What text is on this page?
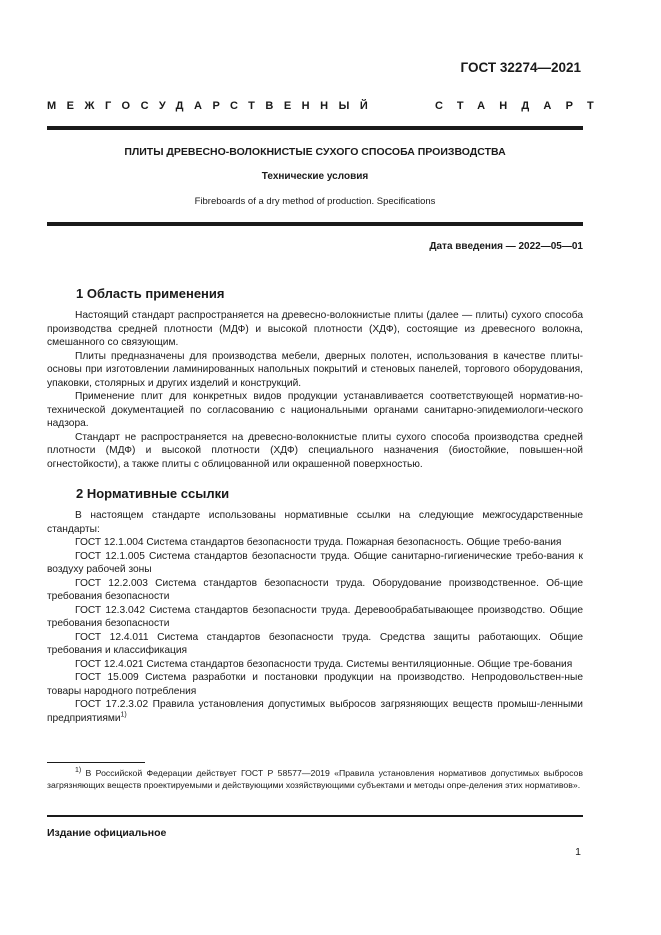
ГОСТ 32274—2021
МЕЖГОСУДАРСТВЕННЫЙ	СТАНДАРТ
ПЛИТЫ ДРЕВЕСНО-ВОЛОКНИСТЫЕ СУХОГО СПОСОБА ПРОИЗВОДСТВА
Технические условия
Fibreboards of a dry method of production. Specifications
Дата введения — 2022—05—01
1 Область применения

Настоящий стандарт распространяется на древесно-волокнистые плиты (далее — плиты) сухого способа производства средней плотности (МДФ) и высокой плотности (ХДФ), состоящие из древесного волокна, смешанного со связующим.

Плиты предназначены для производства мебели, дверных полотен, использования в качестве плиты-основы при изготовлении ламинированных напольных покрытий и стеновых панелей, торгового оборудования, упаковки, столярных и других изделий и конструкций.

Применение плит для конкретных видов продукции устанавливается соответствующей норматив-но-технической документацией по согласованию с национальными органами санитарно-эпидемиологи-ческого надзора.

Стандарт не распространяется на древесно-волокнистые плиты сухого способа производства средней плотности (МДФ) и высокой плотности (ХДФ) специального назначения (биостойкие, повышен-ной огнестойкости), а также плиты с облицованной или окрашенной поверхностью.

2 Нормативные ссылки

В настоящем стандарте использованы нормативные ссылки на следующие межгосударственные стандарты:

ГОСТ 12.1.004 Система стандартов безопасности труда. Пожарная безопасность. Общие требо-вания

ГОСТ 12.1.005 Система стандартов безопасности труда. Общие санитарно-гигиенические требо-вания к воздуху рабочей зоны

ГОСТ 12.2.003 Система стандартов безопасности труда. Оборудование производственное. Об-щие требования безопасности

ГОСТ 12.3.042 Система стандартов безопасности труда. Деревообрабатывающее производство. Общие требования безопасности

ГОСТ 12.4.011 Система стандартов безопасности труда. Средства защиты работающих. Общие требования и классификация

ГОСТ 12.4.021 Система стандартов безопасности труда. Системы вентиляционные. Общие тре-бования

ГОСТ 15.009 Система разработки и постановки продукции на производство. Непродовольствен-ные товары народного потребления

ГОСТ 17.2.3.02 Правила установления допустимых выбросов загрязняющих веществ промыш-ленными предприятиями$^{1)}$

$^{1)}$ В Российской Федерации действует ГОСТ Р 58577—2019 «Правила установления нормативов допустимых выбросов загрязняющих веществ проектируемыми и действующими хозяйствующими субъектами и методы опре-деления этих нормативов».

Издание официальное
1
